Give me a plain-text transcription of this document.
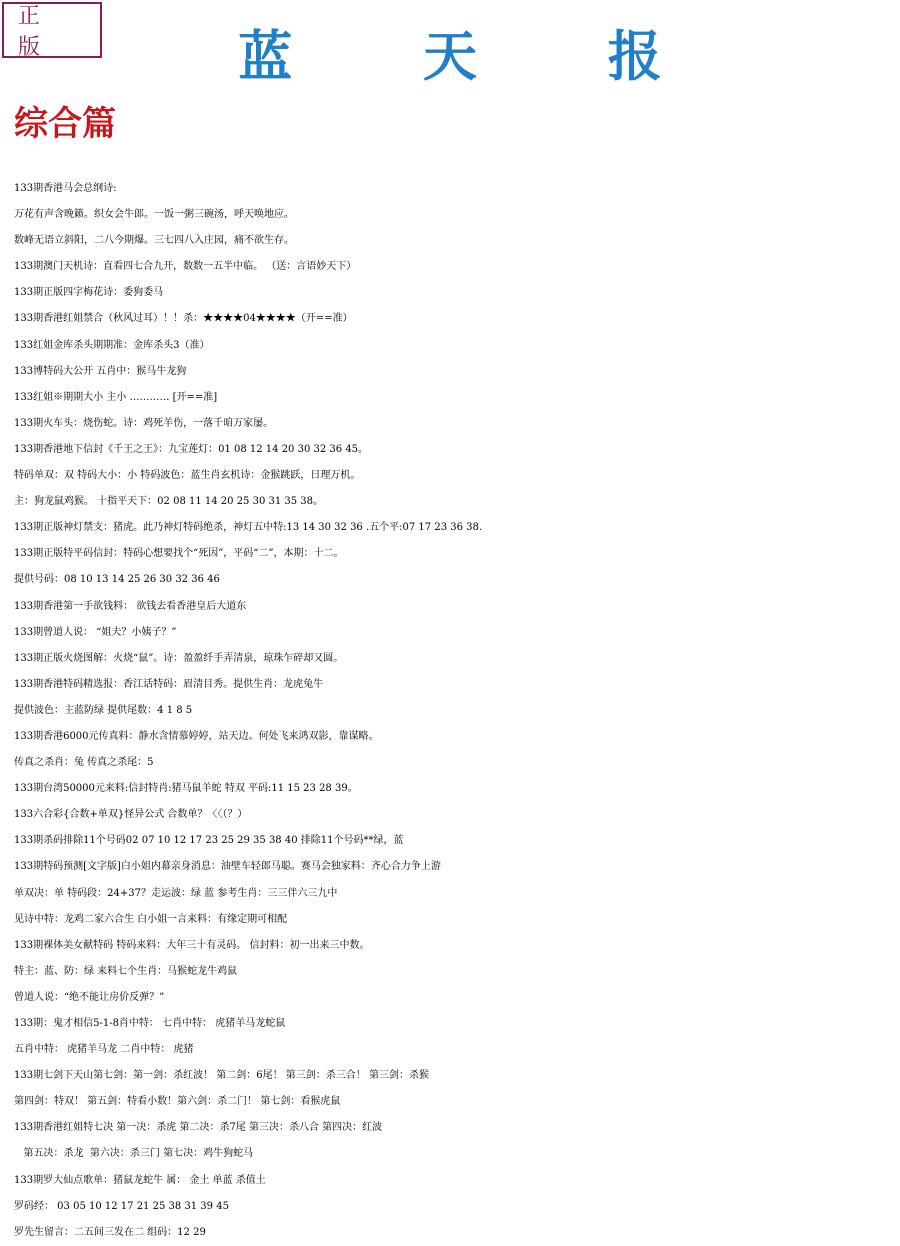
正 版	蓝 天 报
综合篇
133期香港马会总纲诗:
万花有声含晚籁。织女会牛郎。一饭一粥三碗汤，呼天唤地应。
数峰无语立斜阳，二八今期爆。三七四八入庄园，痛不欲生存。
133期澳门天机诗：直看四七合九开，数数一五半中临。 （送：言语妙天下）
133期正版四字梅花诗：委狗委马
133期香港红姐禁合（秋风过耳）！！杀：★★★★04★★★★（开==准）
133红姐金库杀头期期准：金库杀头3（准）
133博特码大公开 五肖中：猴马牛龙狗
133红姐※期期大小 主小 ………… [开==准]
133期火车头：烧伤蛇。诗：鸡死羊伤，一落千咱万家屡。
133期香港地下信封《千王之王》：九宝莲灯：01 08 12 14 20 30 32 36 45。
特码单双：双 特码大小：小 特码波色：蓝生肖玄机诗：金猴跳跃，日理万机。
主：狗龙鼠鸡猴。 十指平天下：02 08 11 14 20 25 30 31 35 38。
133期正版神灯禁支：猪虎。此乃神灯特码绝杀，神灯五中特:13 14 30 32 36 .五个平:07 17 23 36 38.
133期正版特平码信封：特码心想要找个“死因”，平码“二”，本期：十二。
提供号码：08 10 13 14 25 26 30 32 36 46
133期香港第一手欲钱料： 欲钱去看香港皇后大道东
133期曾道人说： “姐夫？小姨子？”
133期正版火烧图解：火烧“鼠”。诗：盈盈纤手弄清泉，琼珠乍碎却又圆。
133期香港特码精选报：香江话特码：眉清目秀。提供生肖：龙虎兔牛
提供波色：主蓝防绿 提供尾数：4 1 8 5
133期香港6000元传真料：静水含情慕婷婷，站天边。何处飞来鸿双影，靠谋略。
传真之杀肖：兔 传真之杀尾：5
133期台湾50000元来料:信封特肖:猪马鼠羊蛇 特双 平码:11 15 23 28 39。
133六合彩{合数+单双}怪异公式 合数单？〈〈（？）
133期杀码排除11个号码02 07 10 12 17 23 25 29 35 38 40 排除11个号码**绿，蓝
133期特码预测[文字版]白小姐内幕亲身消息：油壁车轻郎马聪。赛马会独家料：齐心合力争上游
单双决：单 特码段：24+37？走运波：绿 蓝 参考生肖：三三伴六三九中
见诗中特：龙鸡二家六合生 白小姐一言来料：有缘定期可相配
133期裸体美女献特码 特码来料：大年三十有灵码。 信封料：初一出来三中数。
特主：蓝、防：绿 来料七个生肖：马猴蛇龙牛鸡鼠
曾道人说：“绝不能让房价反弹？”
133期：鬼才相信5-1-8肖中特： 七肖中特： 虎猪羊马龙蛇鼠
五肖中特： 虎猪羊马龙 二肖中特： 虎猪
133期七剑下天山第七剑：第一剑：杀红波！ 第二剑：6尾！ 第三剑：杀三合！ 第三剑：杀猴
第四剑：特双！ 第五剑：特看小数！第六剑：杀二门！ 第七剑：看猴虎鼠
133期香港红姐特七决 第一决：杀虎 第二决：杀7尾 第三决：杀八合 第四决：红波
第五决：杀龙  第六决：杀三门 第七决：鸡牛狗蛇马
133期罗大仙点歌单：猪鼠龙蛇牛 属： 金土 单蓝 杀值土
罗码经： 03 05 10 12 17 21 25 38 31 39 45
罗先生留言：二五间三发在二 组码：12 29
